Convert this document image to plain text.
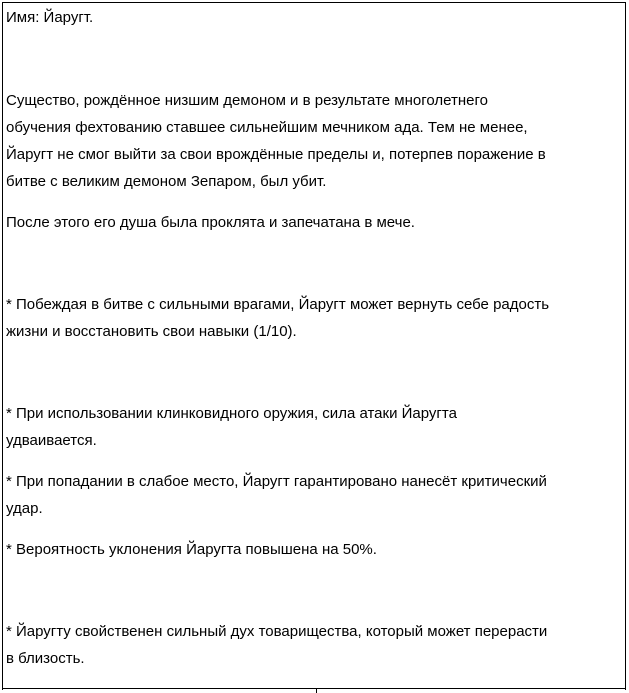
Имя: Йаругт.

Существо, рождённое низшим демоном и в результате многолетнего
обучения фехтованию ставшее сильнейшим мечником ада. Тем не менее,
Йаругт не смог выйти за свои врождённые пределы и, потерпев поражение в
битве с великим демоном Зепаром, был убит.

После этого его душа была проклята и запечатана в мече.

* Побеждая в битве с сильными врагами, Йаругт может вернуть себе радость
жизни и восстановить свои навыки (1/10).

* При использовании клинковидного оружия, сила атаки Йаругта
удваивается.

* При попадании в слабое место, Йаругт гарантировано нанесёт критический
удар.

* Вероятность уклонения Йаругта повышена на 50%.

* Йаругту свойственен сильный дух товарищества, который может перерасти
в близость.
